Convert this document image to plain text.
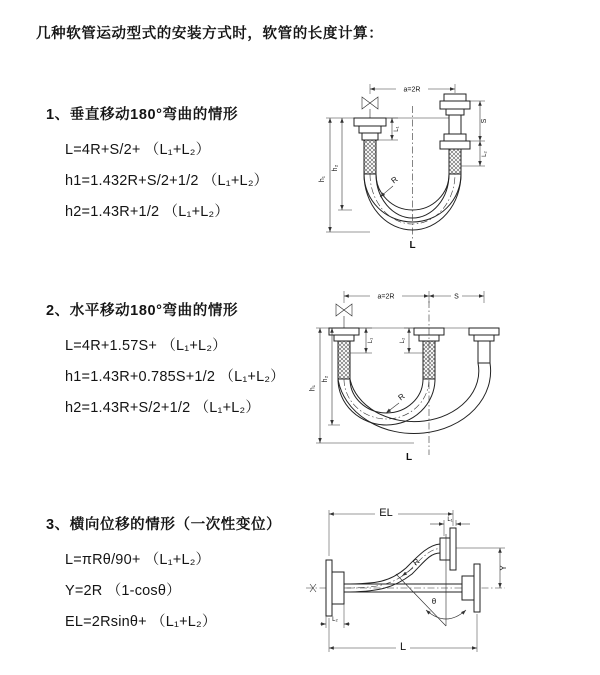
几种软管运动型式的安装方式时，软管的长度计算：
1、垂直移动180°弯曲的情形
L=4R+S/2+ （L₁+L₂）
h1=1.432R+S/2+1/2 （L₁+L₂）
h2=1.43R+1/2 （L₁+L₂）
2、水平移动180°弯曲的情形
L=4R+1.57S+ （L₁+L₂）
h1=1.43R+0.785S+1/2 （L₁+L₂）
h2=1.43R+S/2+1/2 （L₁+L₂）
3、横向位移的情形（一次性变位）
L=πRθ/90+ （L₁+L₂）
Y=2R （1-cosθ）
EL=2Rsinθ+ （L₁+L₂）
a=2R
h₁
h₂
L₁
S
L₂
R
L
a=2R	S
h₁
h₂
L₁	L₂
R
L
EL
L₁
Y
R
θ
L₂
L
